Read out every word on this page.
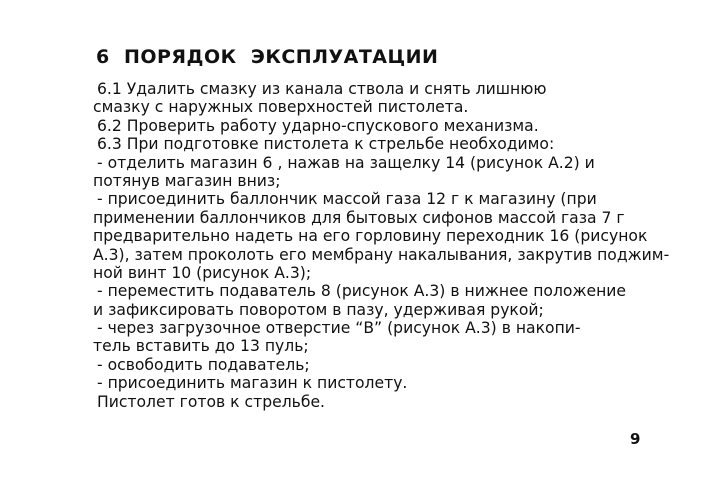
6  ПОРЯДОК  ЭКСПЛУАТАЦИИ
6.1 Удалить смазку из канала ствола и снять лишнюю
смазку с наружных поверхностей пистолета.
6.2 Проверить работу ударно-спускового механизма.
6.3 При подготовке пистолета к стрельбе необходимо:
- отделить магазин 6 , нажав на защелку 14 (рисунок А.2) и
потянув магазин вниз;
- присоединить баллончик массой газа 12 г к магазину (при
применении баллончиков для бытовых сифонов массой газа 7 г
предварительно надеть на его горловину переходник 16 (рисунок
А.3), затем проколоть его мембрану накалывания, закрутив поджим-
ной винт 10 (рисунок А.3);
- переместить подаватель 8 (рисунок А.3) в нижнее положение
и зафиксировать поворотом в пазу, удерживая рукой;
- через загрузочное отверстие “В” (рисунок А.3) в накопи-
тель вставить до 13 пуль;
- освободить подаватель;
- присоединить магазин к пистолету.
Пистолет готов к стрельбе.
9
